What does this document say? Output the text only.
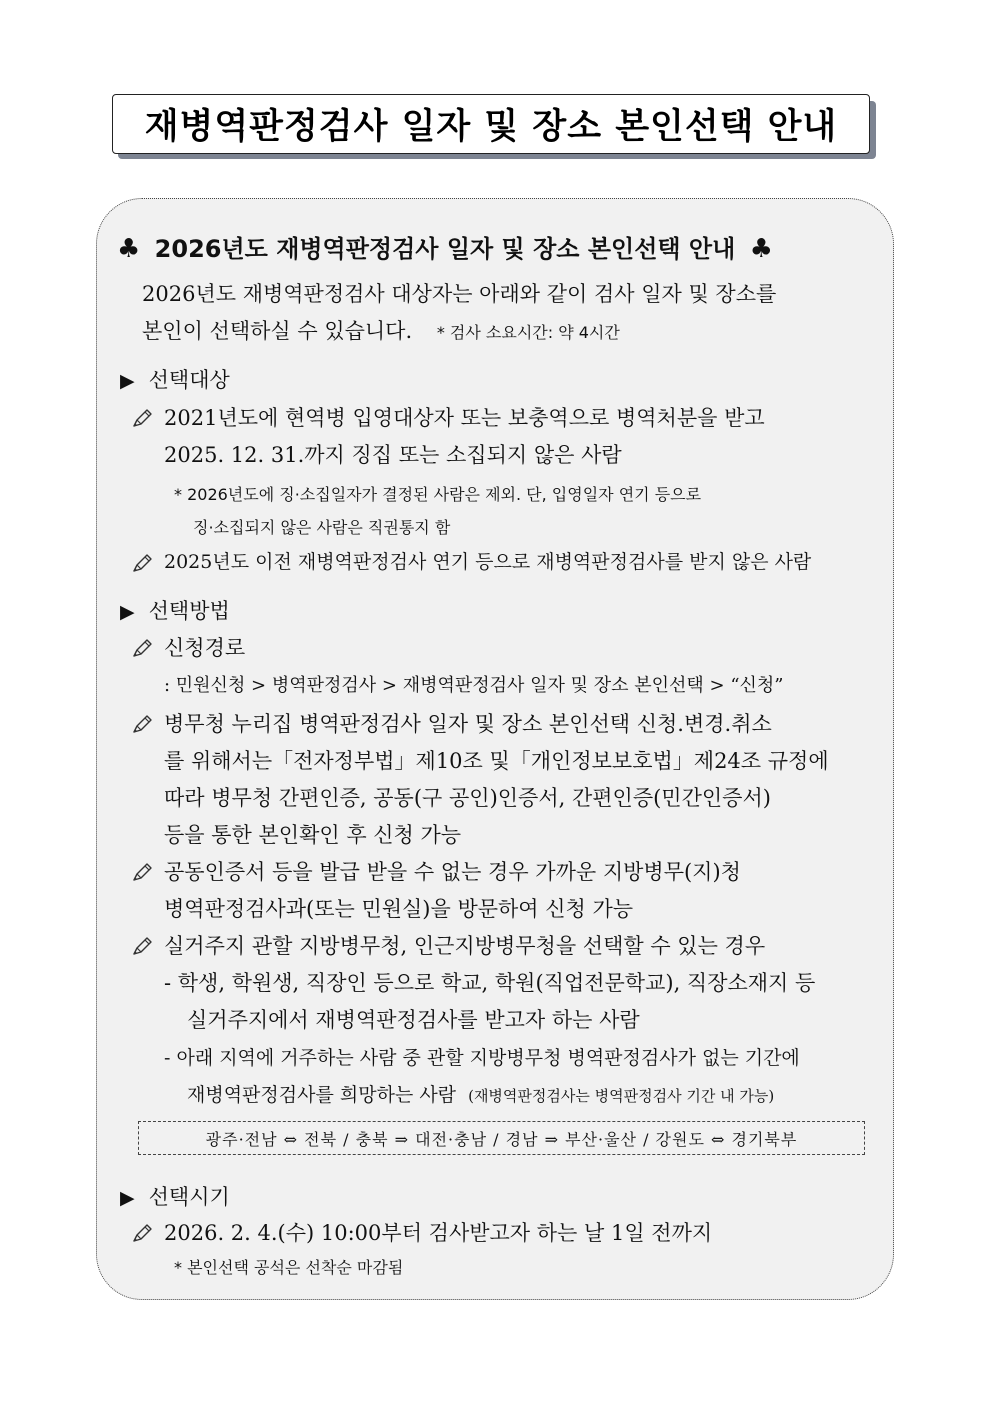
재병역판정검사 일자 및 장소 본인선택 안내
♣ 2026년도 재병역판정검사 일자 및 장소 본인선택 안내 ♣
2026년도 재병역판정검사 대상자는 아래와 같이 검사 일자 및 장소를
본인이 선택하실 수 있습니다. * 검사 소요시간: 약 4시간
▶ 선택대상
2021년도에 현역병 입영대상자 또는 보충역으로 병역처분을 받고
2025. 12. 31.까지 징집 또는 소집되지 않은 사람
* 2026년도에 징·소집일자가 결정된 사람은 제외. 단, 입영일자 연기 등으로
징·소집되지 않은 사람은 직권통지 함
2025년도 이전 재병역판정검사 연기 등으로 재병역판정검사를 받지 않은 사람
▶ 선택방법
신청경로
: 민원신청 > 병역판정검사 > 재병역판정검사 일자 및 장소 본인선택 > “신청”
병무청 누리집 병역판정검사 일자 및 장소 본인선택 신청.변경.취소
를 위해서는「전자정부법」제10조 및「개인정보보호법」제24조 규정에
따라 병무청 간편인증, 공동(구 공인)인증서, 간편인증(민간인증서)
등을 통한 본인확인 후 신청 가능
공동인증서 등을 발급 받을 수 없는 경우 가까운 지방병무(지)청
병역판정검사과(또는 민원실)을 방문하여 신청 가능
실거주지 관할 지방병무청, 인근지방병무청을 선택할 수 있는 경우
- 학생, 학원생, 직장인 등으로 학교, 학원(직업전문학교), 직장소재지 등
실거주지에서 재병역판정검사를 받고자 하는 사람
- 아래 지역에 거주하는 사람 중 관할 지방병무청 병역판정검사가 없는 기간에
재병역판정검사를 희망하는 사람 (재병역판정검사는 병역판정검사 기간 내 가능)
광주·전남 ⇔ 전북 / 충북 ⇒ 대전·충남 / 경남 ⇒ 부산·울산 / 강원도 ⇔ 경기북부
▶ 선택시기
2026. 2. 4.(수) 10:00부터 검사받고자 하는 날 1일 전까지
* 본인선택 공석은 선착순 마감됨
